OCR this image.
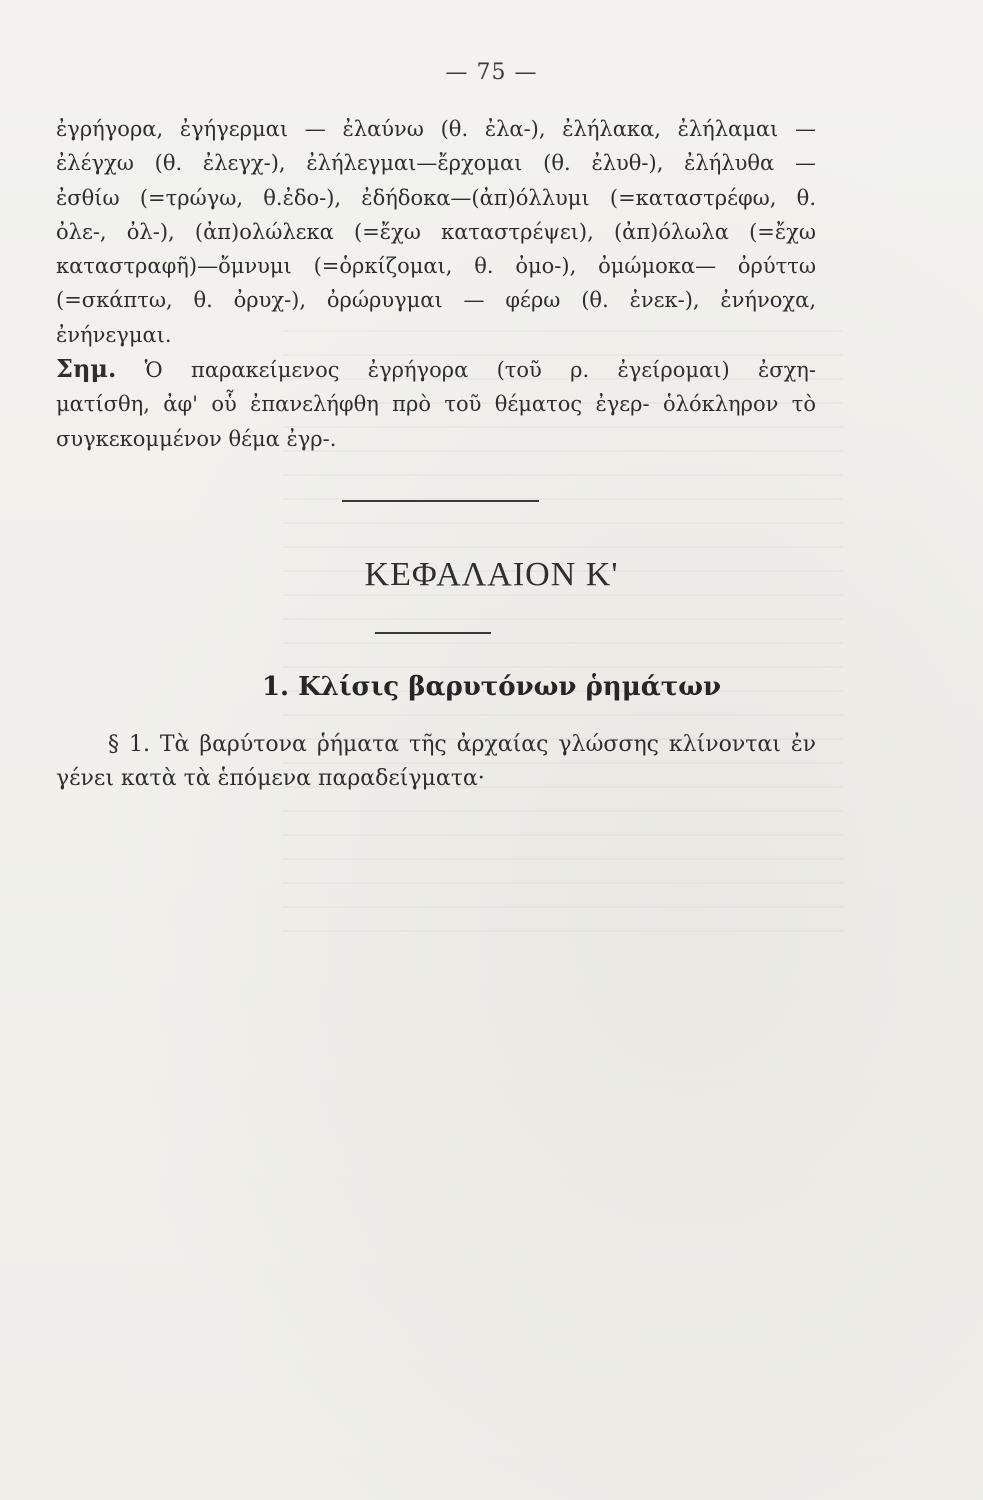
— 75 —
ἐγρήγορα, ἐγήγερμαι — ἐλαύνω (θ. ἐλα-), ἐλήλακα, ἐλήλαμαι —
ἐλέγχω (θ. ἐλεγχ-), ἐλήλεγμαι—ἔρχομαι (θ. ἐλυθ-), ἐλήλυθα —
ἐσθίω (=τρώγω, θ.ἐδο-), ἐδήδοκα—(ἀπ)όλλυμι (=καταστρέφω, θ.
ὀλε-, ὀλ-), (ἀπ)ολώλεκα (=ἔχω καταστρέψει), (ἀπ)όλωλα (=ἔχω
καταστραφῆ)—ὄμνυμι (=ὁρκίζομαι, θ. ὀμο-), ὀμώμοκα— ὀρύττω
(=σκάπτω, θ. ὀρυχ-), ὀρώρυγμαι — φέρω (θ. ἐνεκ-), ἐνήνοχα,
ἐνήνεγμαι.
Σημ. Ὁ παρακείμενος ἐγρήγορα (τοῦ ρ. ἐγείρομαι) ἐσχη-
ματίσθη, ἀφ' οὗ ἐπανελήφθη πρὸ τοῦ θέματος ἐγερ- ὁλόκληρον τὸ
συγκεκομμένον θέμα ἐγρ-.
ΚΕΦΑΛΑΙΟΝ Κ'
1. Κλίσις βαρυτόνων ῥημάτων
§ 1. Τὰ βαρύτονα ῥήματα τῆς ἀρχαίας γλώσσης κλίνονται ἐν
γένει κατὰ τὰ ἑπόμενα παραδείγματα·
